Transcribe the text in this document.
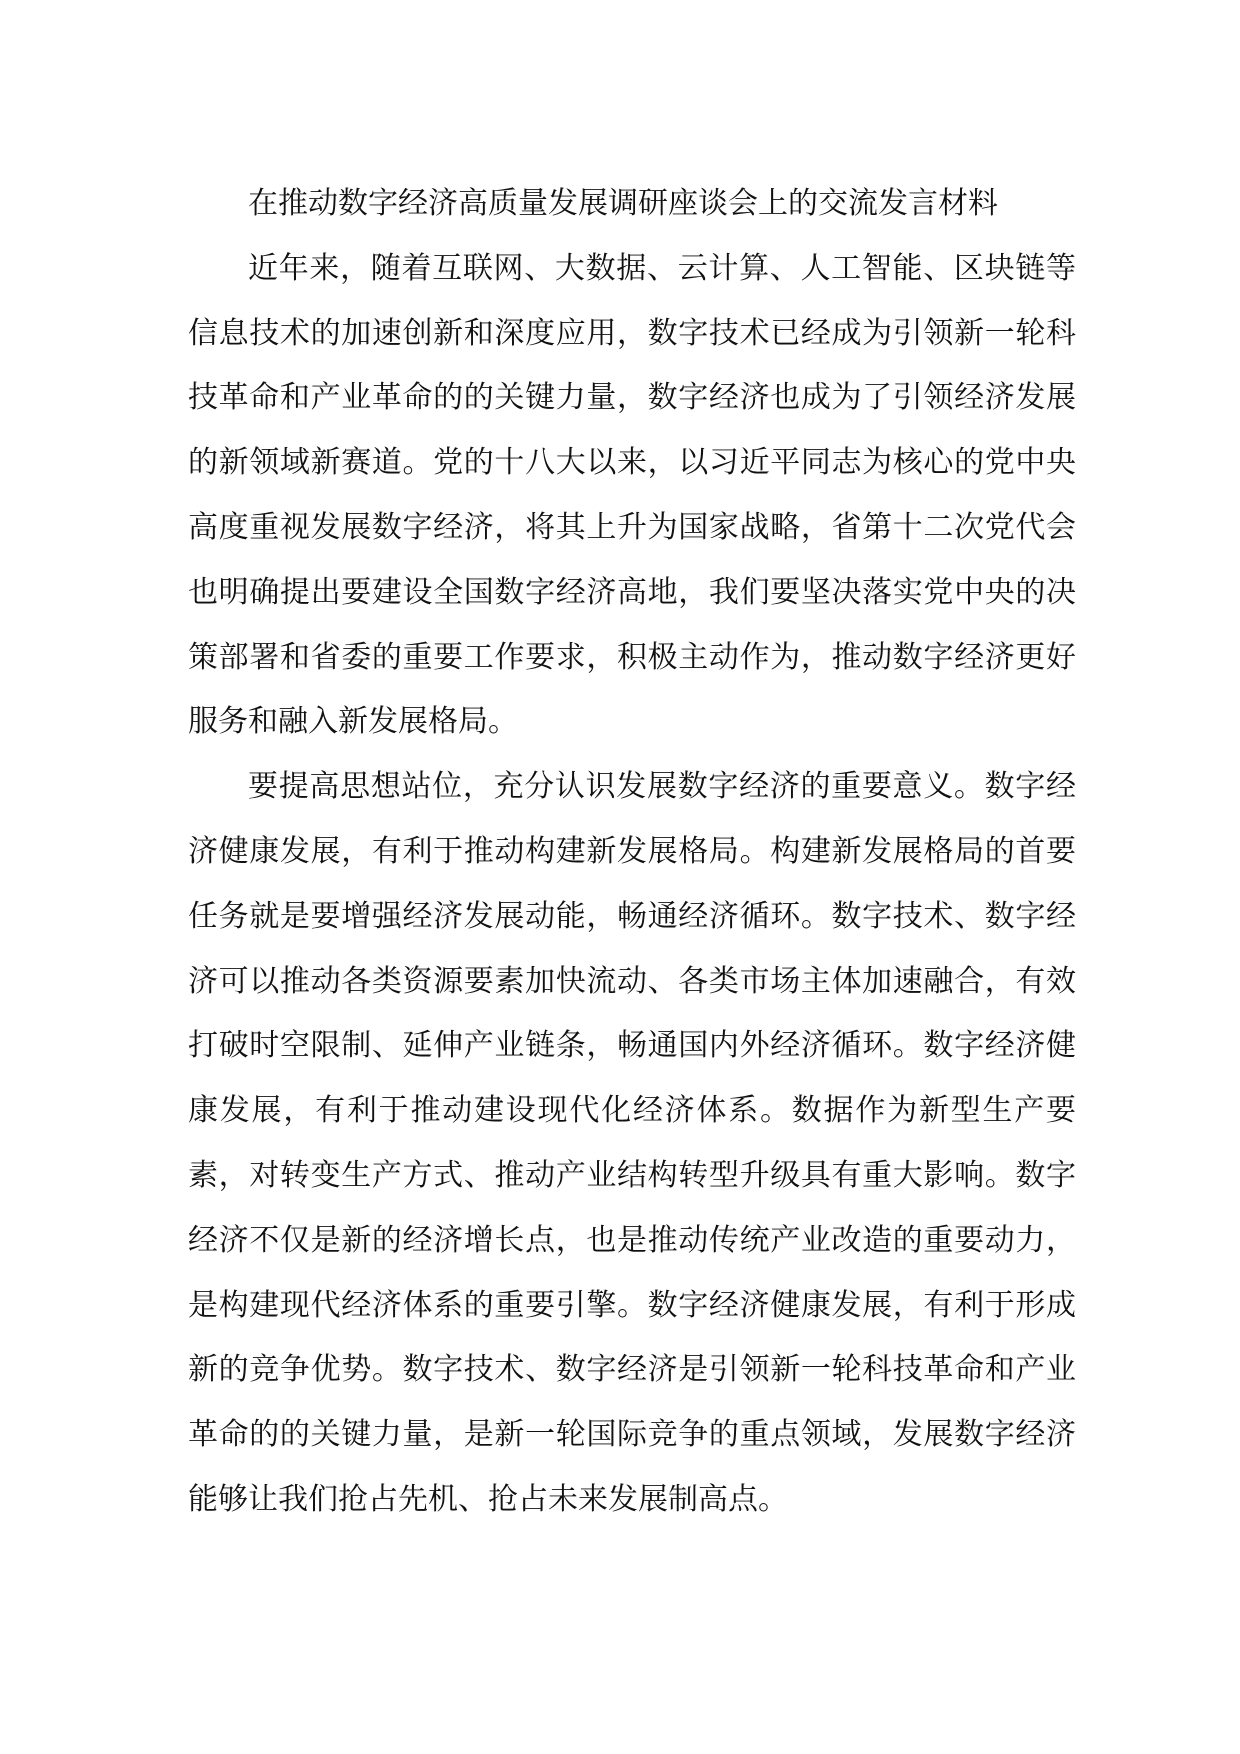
在推动数字经济高质量发展调研座谈会上的交流发言材料

近年来，随着互联网、大数据、云计算、人工智能、区块链等信息技术的加速创新和深度应用，数字技术已经成为引领新一轮科技革命和产业革命的的关键力量，数字经济也成为了引领经济发展的新领域新赛道。党的十八大以来，以习近平同志为核心的党中央高度重视发展数字经济，将其上升为国家战略，省第十二次党代会也明确提出要建设全国数字经济高地，我们要坚决落实党中央的决策部署和省委的重要工作要求，积极主动作为，推动数字经济更好服务和融入新发展格局。

要提高思想站位，充分认识发展数字经济的重要意义。数字经济健康发展，有利于推动构建新发展格局。构建新发展格局的首要任务就是要增强经济发展动能，畅通经济循环。数字技术、数字经济可以推动各类资源要素加快流动、各类市场主体加速融合，有效打破时空限制、延伸产业链条，畅通国内外经济循环。数字经济健康发展，有利于推动建设现代化经济体系。数据作为新型生产要素，对转变生产方式、推动产业结构转型升级具有重大影响。数字经济不仅是新的经济增长点，也是推动传统产业改造的重要动力，是构建现代经济体系的重要引擎。数字经济健康发展，有利于形成新的竞争优势。数字技术、数字经济是引领新一轮科技革命和产业革命的的关键力量，是新一轮国际竞争的重点领域，发展数字经济能够让我们抢占先机、抢占未来发展制高点。
